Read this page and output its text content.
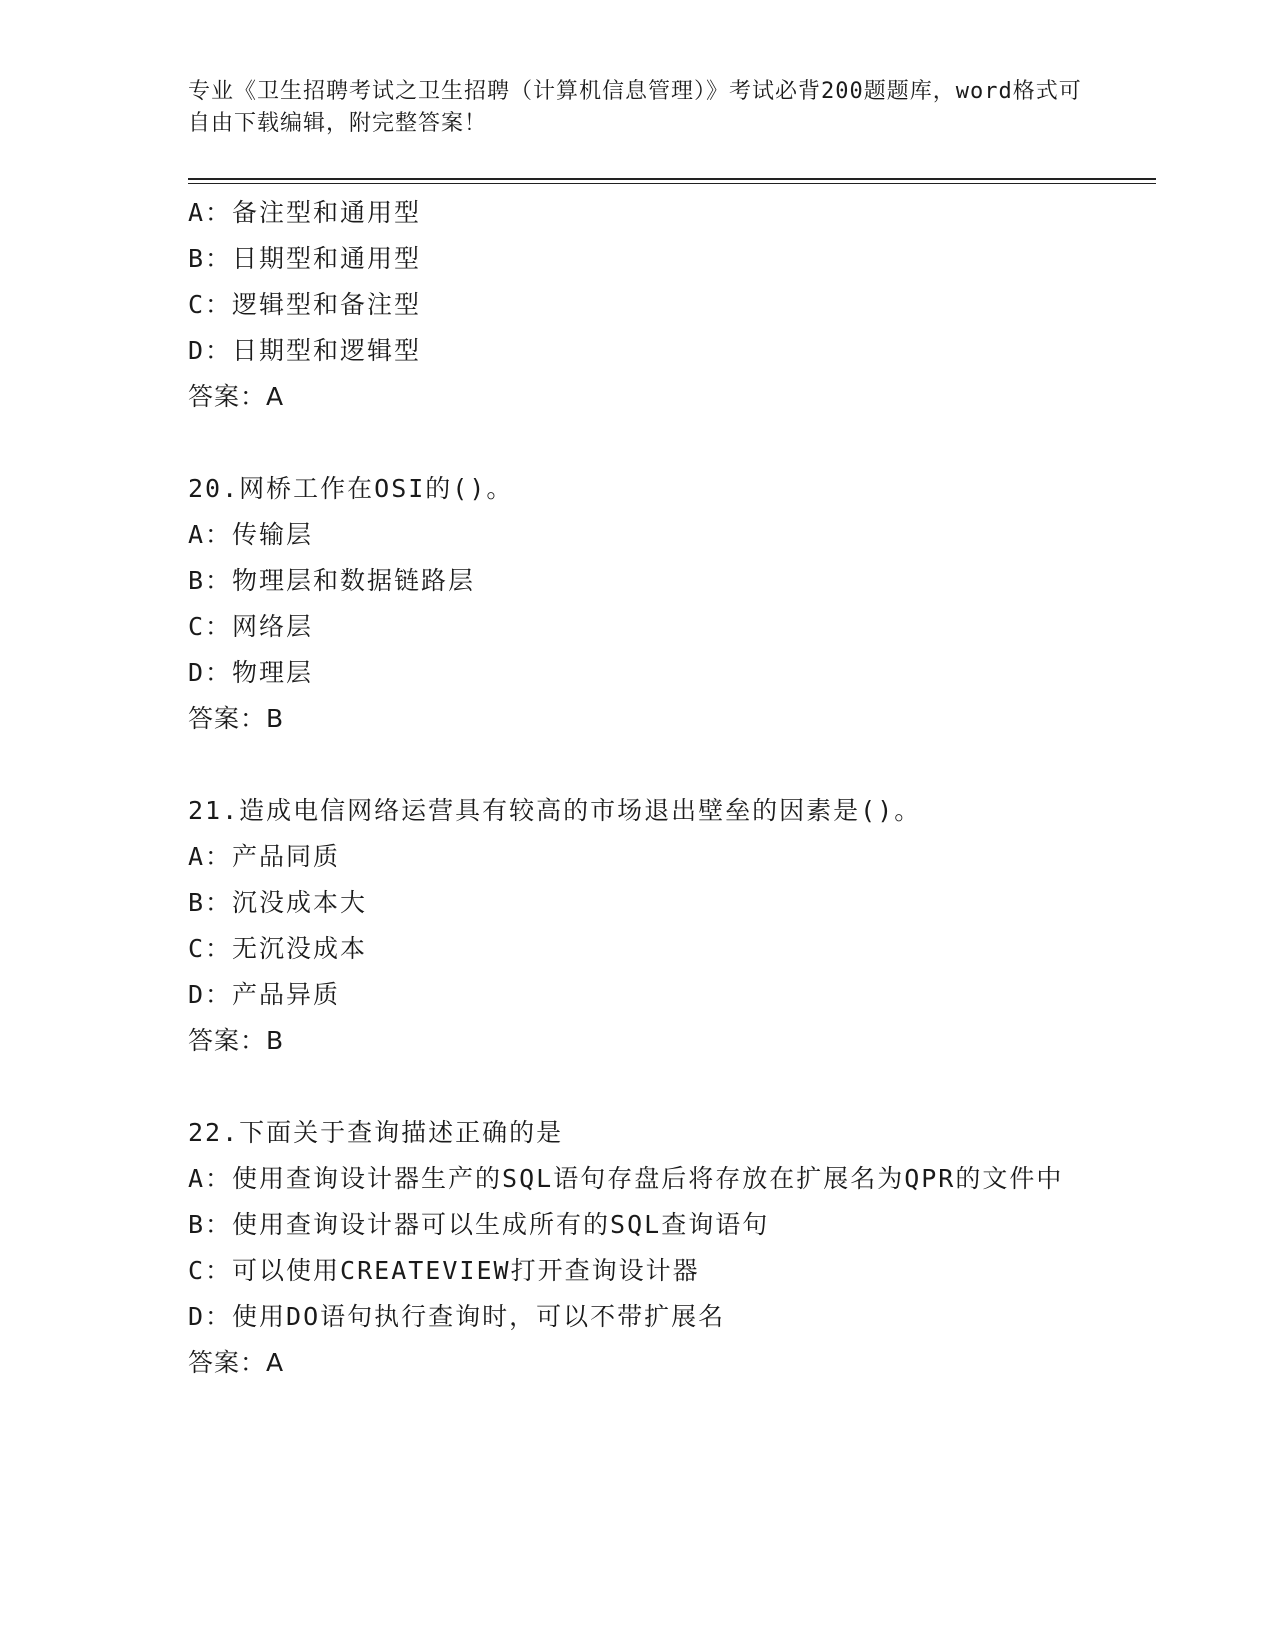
专业《卫生招聘考试之卫生招聘（计算机信息管理）》考试必背200题题库，word格式可自由下载编辑，附完整答案！
A：备注型和通用型
B：日期型和通用型
C：逻辑型和备注型
D：日期型和逻辑型
答案：A
20.网桥工作在OSI的()。
A：传输层
B：物理层和数据链路层
C：网络层
D：物理层
答案：B
21.造成电信网络运营具有较高的市场退出壁垒的因素是()。
A：产品同质
B：沉没成本大
C：无沉没成本
D：产品异质
答案：B
22.下面关于查询描述正确的是
A：使用查询设计器生产的SQL语句存盘后将存放在扩展名为QPR的文件中
B：使用查询设计器可以生成所有的SQL查询语句
C：可以使用CREATEVIEW打开查询设计器
D：使用DO语句执行查询时，可以不带扩展名
答案：A
